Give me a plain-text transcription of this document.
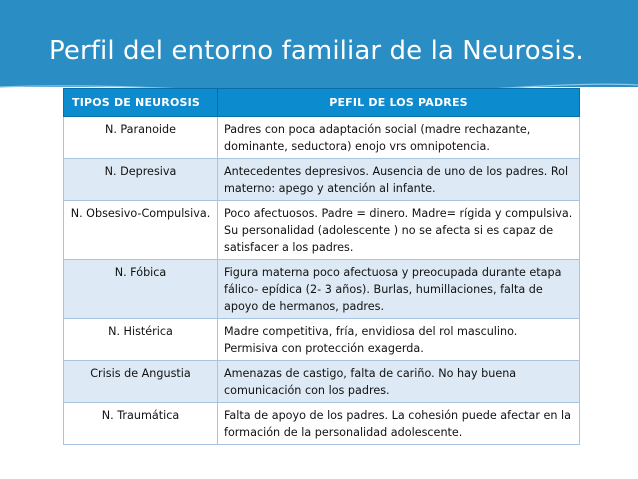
Perfil del entorno familiar de la Neurosis.
TIPOS DE NEUROSIS	PEFIL DE LOS PADRES
N. Paranoide	Padres con poca adaptación social (madre rechazante, dominante, seductora) enojo vrs omnipotencia.
N. Depresiva	Antecedentes depresivos. Ausencia de uno de los padres. Rol materno: apego y atención al infante.
N. Obsesivo-Compulsiva.	Poco afectuosos. Padre = dinero. Madre= rígida y compulsiva. Su personalidad (adolescente ) no se afecta si es capaz de satisfacer a los padres.
N. Fóbica	Figura materna poco afectuosa y preocupada durante etapa fálico- epídica (2- 3 años). Burlas, humillaciones, falta de apoyo de hermanos, padres.
N. Histérica	Madre competitiva, fría, envidiosa del rol masculino. Permisiva con protección exagerda.
Crisis de Angustia	Amenazas de castigo, falta de cariño. No hay buena comunicación con los padres.
N. Traumática	Falta de apoyo de los padres. La cohesión puede afectar en la formación de la personalidad adolescente.
